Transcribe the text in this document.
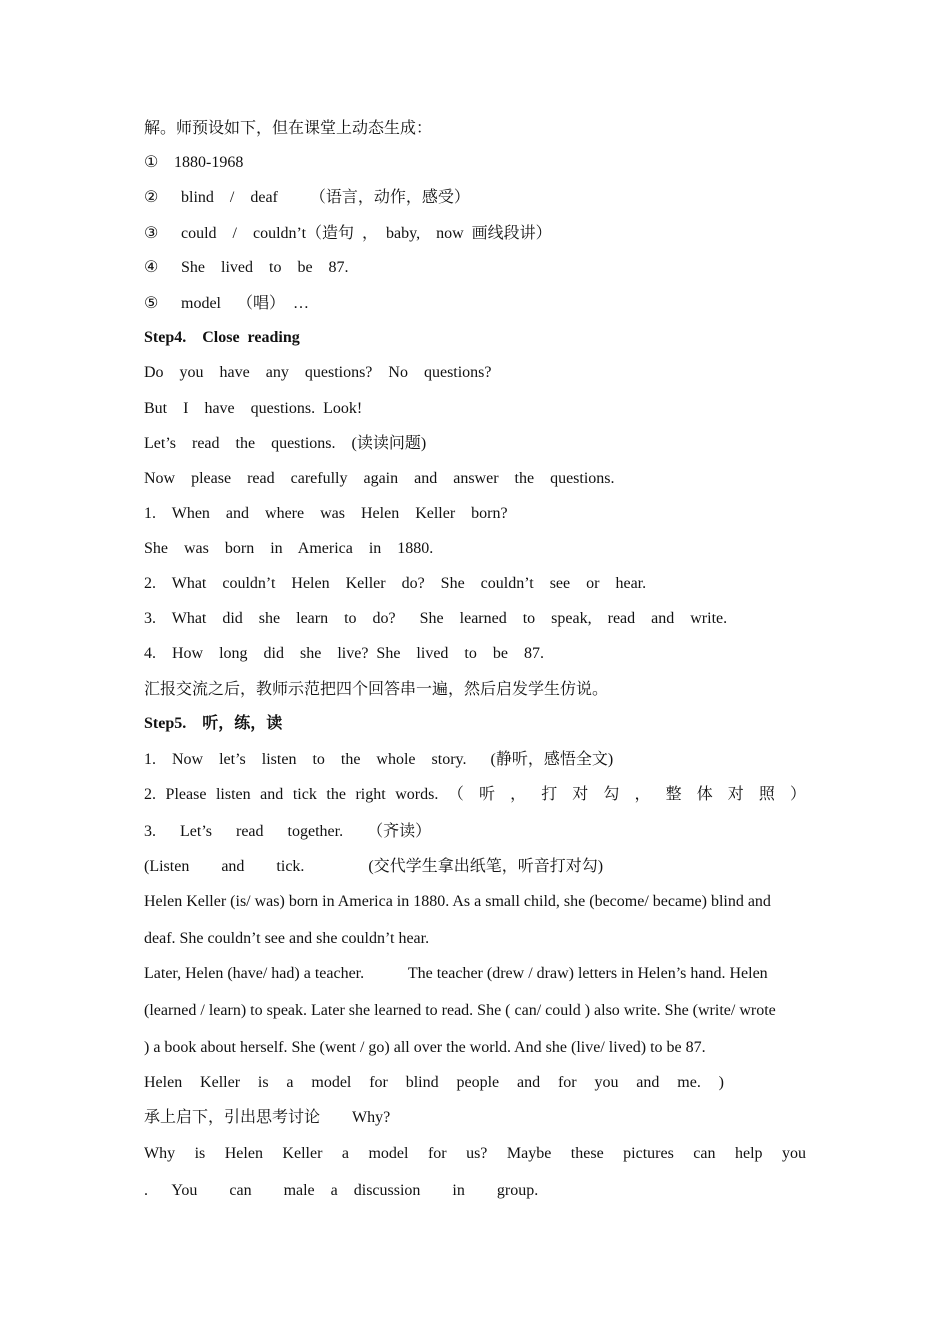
解。师预设如下，但在课堂上动态生成：
① 1880-1968
② blind  /  deaf    （语言，动作，感受）
③ could  /  couldn’t（造句 ， baby,  now 画线段讲）
④ She  lived  to  be  87.
⑤ model  （唱） …
Step4.  Close reading
Do  you  have  any  questions?  No  questions?
But  I  have  questions. Look!
Let’s  read  the  questions.  (读读问题)
Now  please  read  carefully  again  and  answer  the  questions.
1.  When  and  where  was  Helen  Keller  born?
She  was  born  in  America  in  1880.
2.  What  couldn’t  Helen  Keller  do?  She  couldn’t  see  or  hear.
3.  What  did  she  learn  to  do?   She  learned  to  speak,  read  and  write.
4.  How  long  did  she  live? She  lived  to  be  87.
汇报交流之后，教师示范把四个回答串一遍，然后启发学生仿说。
Step5.  听，练，读
1.  Now  let’s  listen  to  the  whole  story.   (静听，感悟全文)
2. Please listen and tick the right words. （ 听 ， 打 对 勾 ， 整 体 对 照 ）
3.   Let’s   read   together.   （齐读）
(Listen    and    tick.        (交代学生拿出纸笔，听音打对勾)
Helen Keller (is/ was) born in America in 1880. As a small child, she (become/ became) blind and
deaf. She couldn’t see and she couldn’t hear.
Later, Helen (have/ had) a teacher.           The teacher (drew / draw) letters in Helen’s hand. Helen
(learned / learn) to speak. Later she learned to read. She ( can/ could ) also write. She (write/ wrote
) a book about herself. She (went / go) all over the world. And she (live/ lived) to be 87.
Helen Keller is a model for blind people and for you and me. )
承上启下，引出思考讨论    Why?
Why is Helen Keller a model for us? Maybe these pictures can help you
.   You    can    male  a  discussion    in    group.
